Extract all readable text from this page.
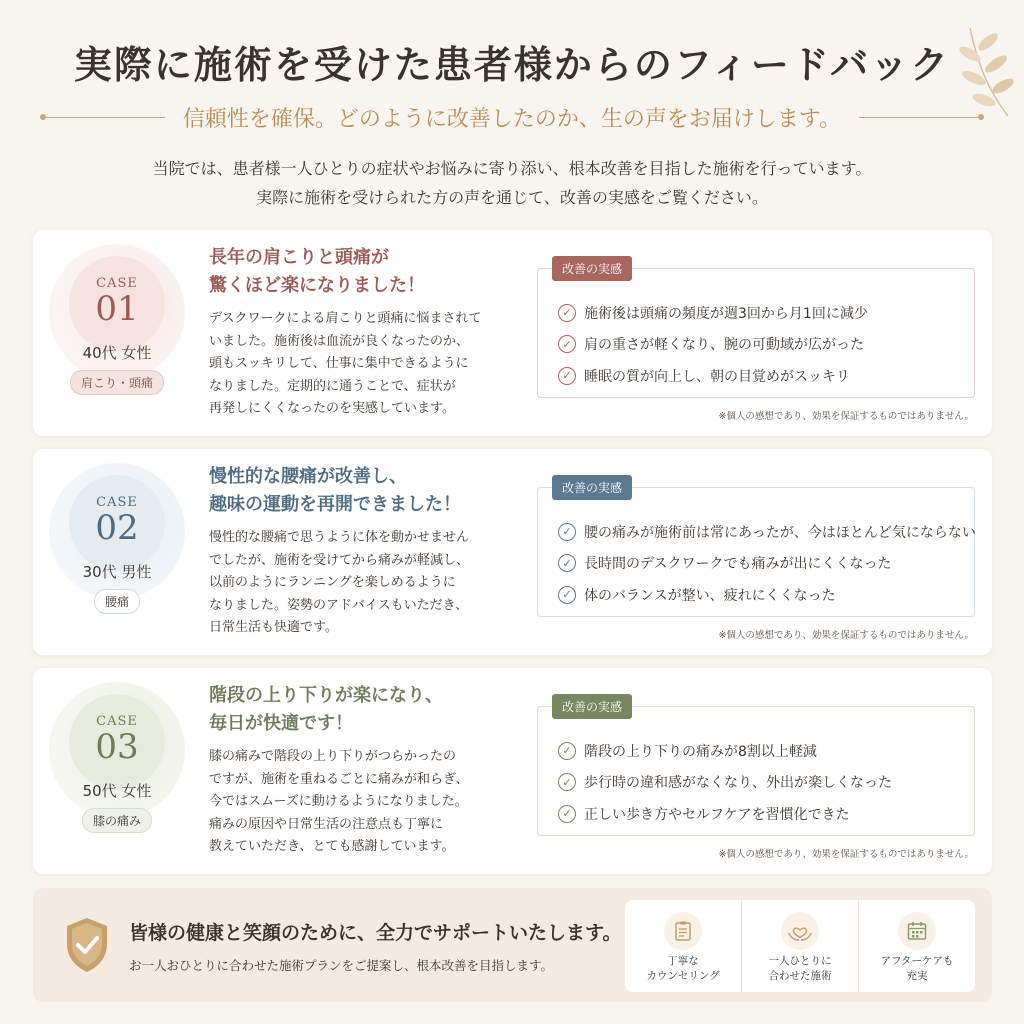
実際に施術を受けた患者様からのフィードバック
信頼性を確保。どのように改善したのか、生の声をお届けします。
当院では、患者様一人ひとりの症状やお悩みに寄り添い、根本改善を目指した施術を行っています。
実際に施術を受けられた方の声を通じて、改善の実感をご覧ください。
CASE
01
40代 女性
肩こり・頭痛
長年の肩こりと頭痛が
驚くほど楽になりました！

デスクワークによる肩こりと頭痛に悩まされて
いました。施術後は血流が良くなったのか、
頭もスッキリして、仕事に集中できるように
なりました。定期的に通うことで、症状が
再発しにくくなったのを実感しています。

改善の実感
✓ 施術後は頭痛の頻度が週3回から月1回に減少
✓ 肩の重さが軽くなり、腕の可動域が広がった
✓ 睡眠の質が向上し、朝の目覚めがスッキリ
※個人の感想であり、効果を保証するものではありません。
CASE
02
30代 男性
腰痛
慢性的な腰痛が改善し、
趣味の運動を再開できました！

慢性的な腰痛で思うように体を動かせません
でしたが、施術を受けてから痛みが軽減し、
以前のようにランニングを楽しめるように
なりました。姿勢のアドバイスもいただき、
日常生活も快適です。

改善の実感
✓ 腰の痛みが施術前は常にあったが、今はほとんど気にならない
✓ 長時間のデスクワークでも痛みが出にくくなった
✓ 体のバランスが整い、疲れにくくなった
※個人の感想であり、効果を保証するものではありません。
CASE
03
50代 女性
膝の痛み
階段の上り下りが楽になり、
毎日が快適です！

膝の痛みで階段の上り下りがつらかったの
ですが、施術を重ねるごとに痛みが和らぎ、
今ではスムーズに動けるようになりました。
痛みの原因や日常生活の注意点も丁寧に
教えていただき、とても感謝しています。

改善の実感
✓ 階段の上り下りの痛みが8割以上軽減
✓ 歩行時の違和感がなくなり、外出が楽しくなった
✓ 正しい歩き方やセルフケアを習慣化できた
※個人の感想であり、効果を保証するものではありません。
皆様の健康と笑顔のために、全力でサポートいたします。
お一人おひとりに合わせた施術プランをご提案し、根本改善を目指します。	丁寧な
カウンセリング
一人ひとりに
合わせた施術
アフターケアも
充実
